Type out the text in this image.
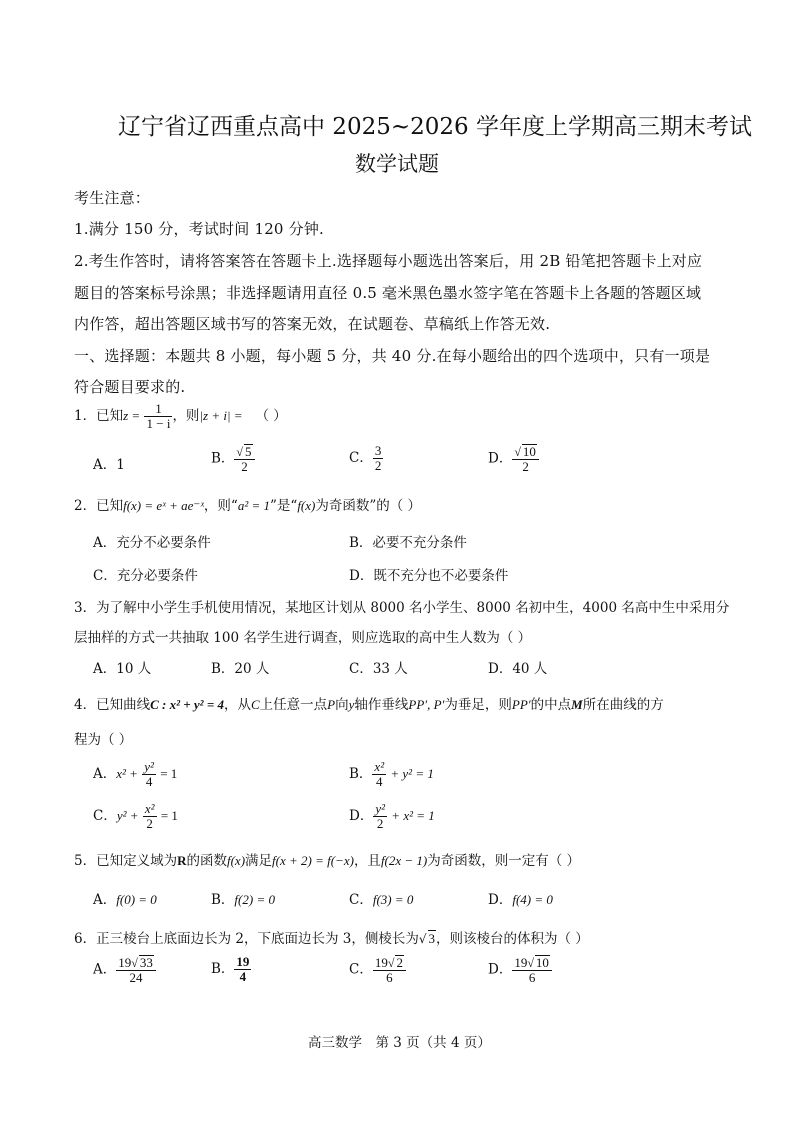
辽宁省辽西重点高中 2025~2026 学年度上学期高三期末考试
数学试题
考生注意：
1.满分 150 分，考试时间 120 分钟.
2.考生作答时，请将答案答在答题卡上.选择题每小题选出答案后，用 2B 铅笔把答题卡上对应
题目的答案标号涂黑；非选择题请用直径 0.5 毫米黑色墨水签字笔在答题卡上各题的答题区域
内作答，超出答题区域书写的答案无效，在试题卷、草稿纸上作答无效.
一、选择题：本题共 8 小题，每小题 5 分，共 40 分.在每小题给出的四个选项中，只有一项是
符合题目要求的.
1．已知$z = \frac{1}{1 - i}$ ，则|z + i| = （ ）
A．1	B． $\frac{√ 5}{2}$	C． $\frac{3}{2}$	D． $\frac{√ 10}{2}$
2．已知f(x) = eˣ + ae⁻ˣ，则“a² = 1”是“f(x)为奇函数”的（ ）
A．充分不必要条件	B．必要不充分条件
C．充分必要条件	D．既不充分也不必要条件
3．为了解中小学生手机使用情况，某地区计划从 8000 名小学生、8000 名初中生，4000 名高中生中采用分
层抽样的方式一共抽取 100 名学生进行调查，则应选取的高中生人数为（ ）
A．10 人	B．20 人	C．33 人	D．40 人
4．已知曲线C : x² + y² = 4，从C上任意一点P向y轴作垂线PP′, P′为垂足，则PP′的中点M所在曲线的方
程为（ ）
A．$x^2 + \frac{\text{y²}}{4} = 1$	B． $\frac{\text{x²}}{4} + y^2 = 1$
C．$y^2 + \frac{\text{x²}}{2} = 1$	D． $\frac{\text{y²}}{2} + x^2 = 1$
5．已知定义域为R的函数f(x)满足f(x + 2) = f(−x)，且f(2x − 1)为奇函数，则一定有（ ）
A．f(0) = 0	B．f(2) = 0	C．f(3) = 0	D．f(4) = 0
6．正三棱台上底面边长为 2，下底面边长为 3，侧棱长为√ 3，则该棱台的体积为（ ）
A． $\frac{19√ 33}{24}$	B． $\frac{19}{4}$	C． $\frac{19√ 2}{6}$	D． $\frac{19√ 10}{6}$
高三数学　第 3 页（共 4 页）
